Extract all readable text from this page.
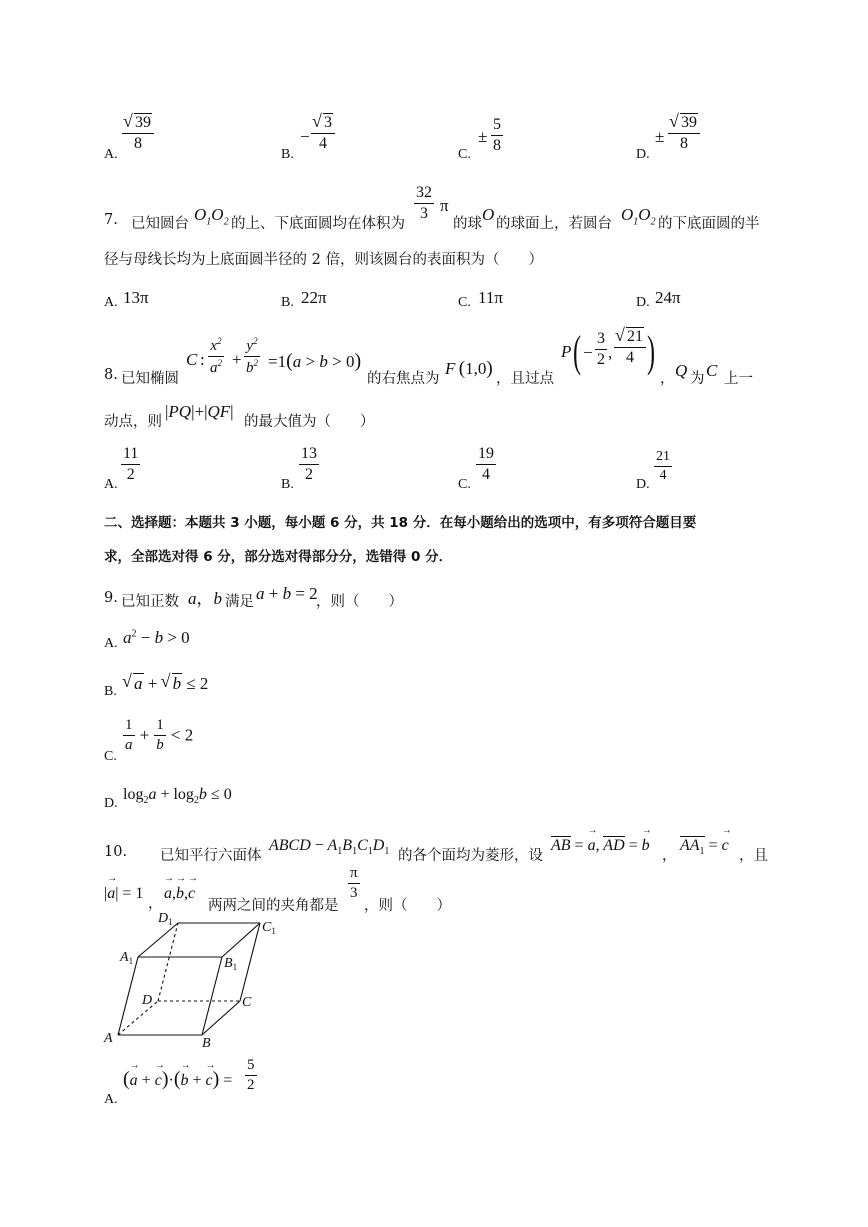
A.
√ $\frac{39}{8}$
B.
− √ $\frac{3}{4}$
C.
± $\frac{5}{8}$	D.
± √ $\frac{39}{8}$
7. 已知圆台 $O_1O_2$ 的上、下底面圆均在体积为
$\frac{32}{3}$ π
的球 O 的球面上，若圆台 $O_1O_2$ 的下底面圆的半
径与母线长均为上底面圆半径的 2 倍，则该圆台的表面积为（　　）
A. 13π	B. 22π	C. 11π	D. 24π
8. 已知椭圆
C : $\frac{x^2}{a^2} + \frac{y^2}{b^2} =1(a > b > 0)$
的右焦点为
F  (1,0) ，且过点
P ( − $\frac{3}{2}$ , √ $\frac{21}{4}$ )
， Q 为 C 上一
动点，则
|PQ|+|QF|
的最大值为（　　）
A.
$\frac{11}{2}$
B.
$\frac{13}{2}$
C.
$\frac{19}{4}$
D.
$\frac{21}{4}$
二、选择题：本题共 3 小题，每小题 6 分，共 18 分．在每小题给出的选项中，有多项符合题目要
求，全部选对得 6 分，部分选对得部分分，选错得 0 分．
9. 已知正数 a，b 满足 a + b = 2
，则（　　）
A. $a^2 - b > 0$
B.	√ a + √ b ≤ 2
C.
$\frac{1}{a} + \frac{1}{b} < 2$
D.
$\log_2a + \log_2b \le 0$
10. 已知平行六面体
ABCD − $A_1B_1C_1D_1$ 的各个面均为菱形，设
AB = a →, AD = b →
，
$AA_1 = c$ →
，且
|a →| = 1
，
a →,b →,c →
两两之间的夹角都是
$\frac{\pi}{3}$
，则（　　）
$D_1$	$C_1$
$A_1$	$B_1$
D	C
A	B
A.
(a → + c →)·(b → + c →) = $\frac{5}{2}$
